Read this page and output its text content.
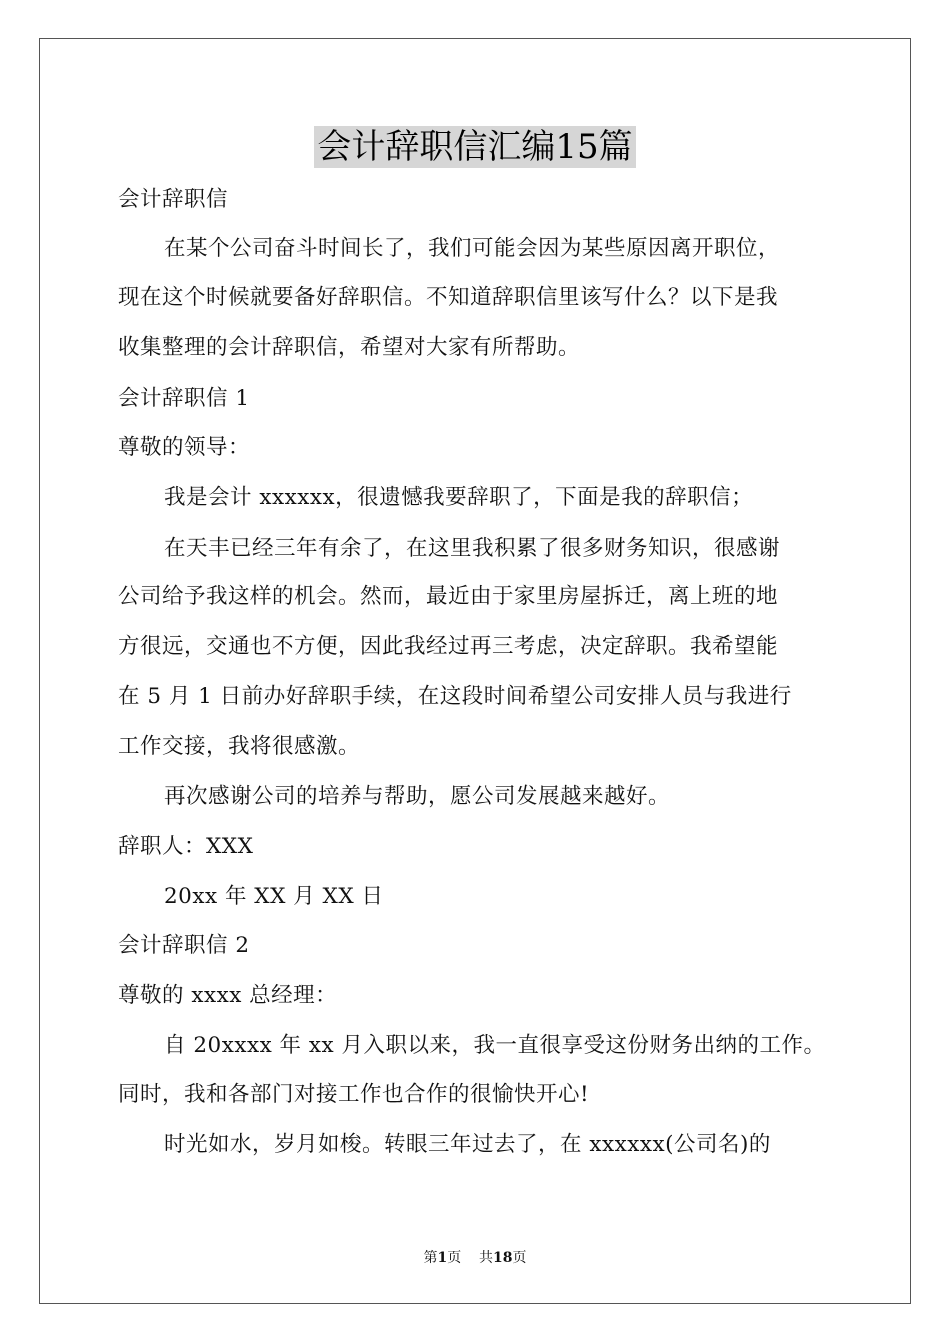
会计辞职信汇编15篇
会计辞职信
在某个公司奋斗时间长了，我们可能会因为某些原因离开职位，
现在这个时候就要备好辞职信。不知道辞职信里该写什么？以下是我
收集整理的会计辞职信，希望对大家有所帮助。
会计辞职信 1
尊敬的领导：
我是会计 xxxxxx，很遗憾我要辞职了，下面是我的辞职信；
在天丰已经三年有余了，在这里我积累了很多财务知识，很感谢
公司给予我这样的机会。然而，最近由于家里房屋拆迁，离上班的地
方很远，交通也不方便，因此我经过再三考虑，决定辞职。我希望能
在 5 月 1 日前办好辞职手续，在这段时间希望公司安排人员与我进行
工作交接，我将很感激。
再次感谢公司的培养与帮助，愿公司发展越来越好。
辞职人：XXX
20xx 年 XX 月 XX 日
会计辞职信 2
尊敬的 xxxx 总经理：
自 20xxxx 年 xx 月入职以来，我一直很享受这份财务出纳的工作。
同时，我和各部门对接工作也合作的很愉快开心!
时光如水，岁月如梭。转眼三年过去了，在 xxxxxx(公司名)的
第1页    共18页
